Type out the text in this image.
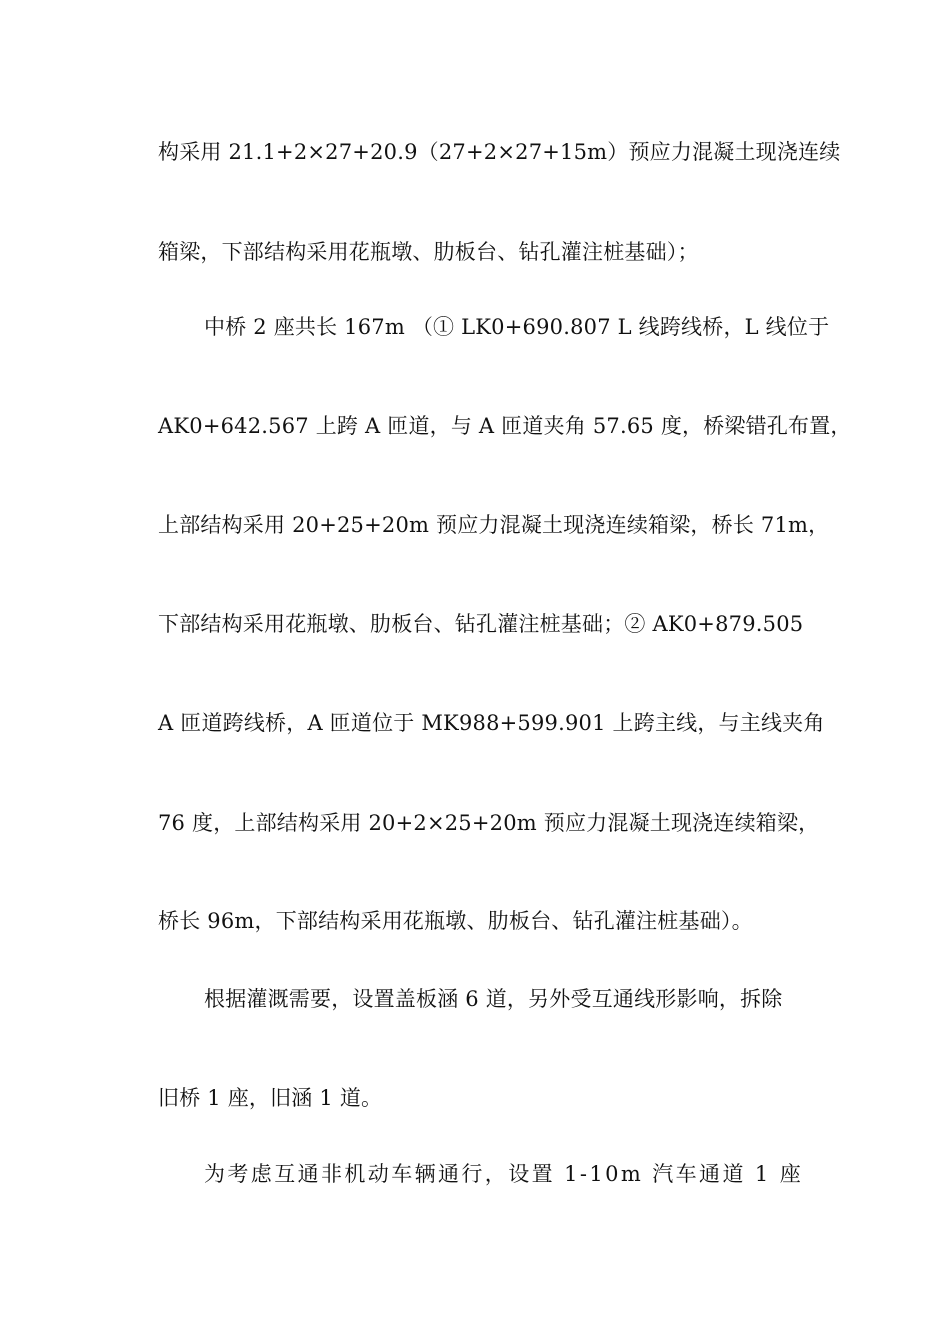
构采用 21.1+2×27+20.9（27+2×27+15m）预应力混凝土现浇连续
箱梁，下部结构采用花瓶墩、肋板台、钻孔灌注桩基础）；
中桥 2 座共长 167m （① LK0+690.807 L 线跨线桥，L 线位于
AK0+642.567 上跨 A 匝道，与 A 匝道夹角 57.65 度，桥梁错孔布置，
上部结构采用 20+25+20m 预应力混凝土现浇连续箱梁，桥长 71m，
下部结构采用花瓶墩、肋板台、钻孔灌注桩基础；② AK0+879.505
A 匝道跨线桥，A 匝道位于 MK988+599.901 上跨主线，与主线夹角
76 度，上部结构采用 20+2×25+20m 预应力混凝土现浇连续箱梁，
桥长 96m，下部结构采用花瓶墩、肋板台、钻孔灌注桩基础）。
根据灌溉需要，设置盖板涵 6 道，另外受互通线形影响，拆除
旧桥 1 座，旧涵 1 道。
为考虑互通非机动车辆通行，设置 1-10m 汽车通道 1 座
